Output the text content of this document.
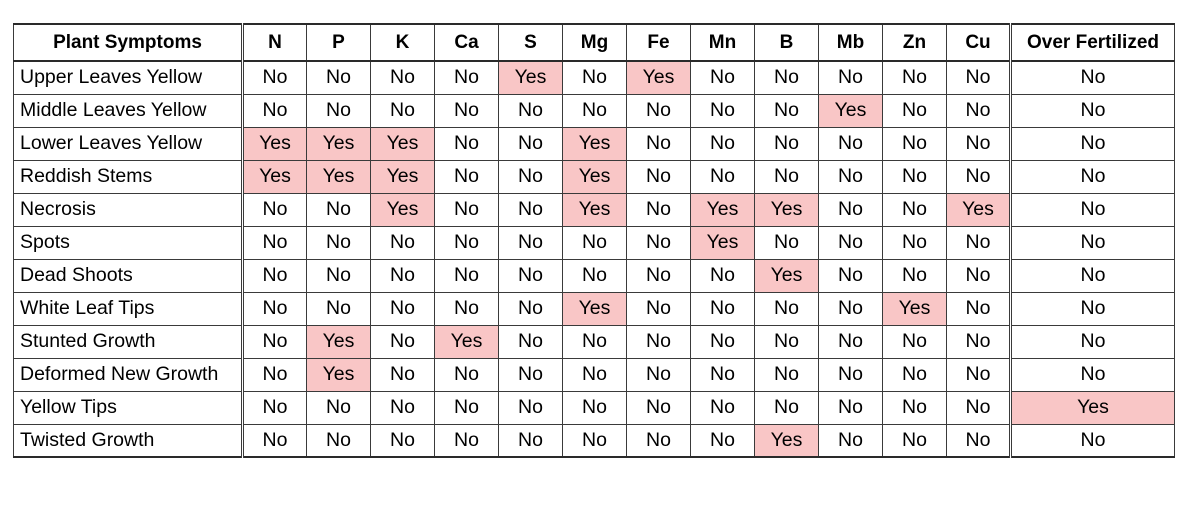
Plant Symptoms	N	P	K	Ca	S	Mg	Fe	Mn	B	Mb	Zn	Cu	Over Fertilized
Upper Leaves Yellow	No	No	No	No	Yes	No	Yes	No	No	No	No	No	No
Middle Leaves Yellow	No	No	No	No	No	No	No	No	No	Yes	No	No	No
Lower Leaves Yellow	Yes	Yes	Yes	No	No	Yes	No	No	No	No	No	No	No
Reddish Stems	Yes	Yes	Yes	No	No	Yes	No	No	No	No	No	No	No
Necrosis	No	No	Yes	No	No	Yes	No	Yes	Yes	No	No	Yes	No
Spots	No	No	No	No	No	No	No	Yes	No	No	No	No	No
Dead Shoots	No	No	No	No	No	No	No	No	Yes	No	No	No	No
White Leaf Tips	No	No	No	No	No	Yes	No	No	No	No	Yes	No	No
Stunted Growth	No	Yes	No	Yes	No	No	No	No	No	No	No	No	No
Deformed New Growth	No	Yes	No	No	No	No	No	No	No	No	No	No	No
Yellow Tips	No	No	No	No	No	No	No	No	No	No	No	No	Yes
Twisted Growth	No	No	No	No	No	No	No	No	Yes	No	No	No	No
